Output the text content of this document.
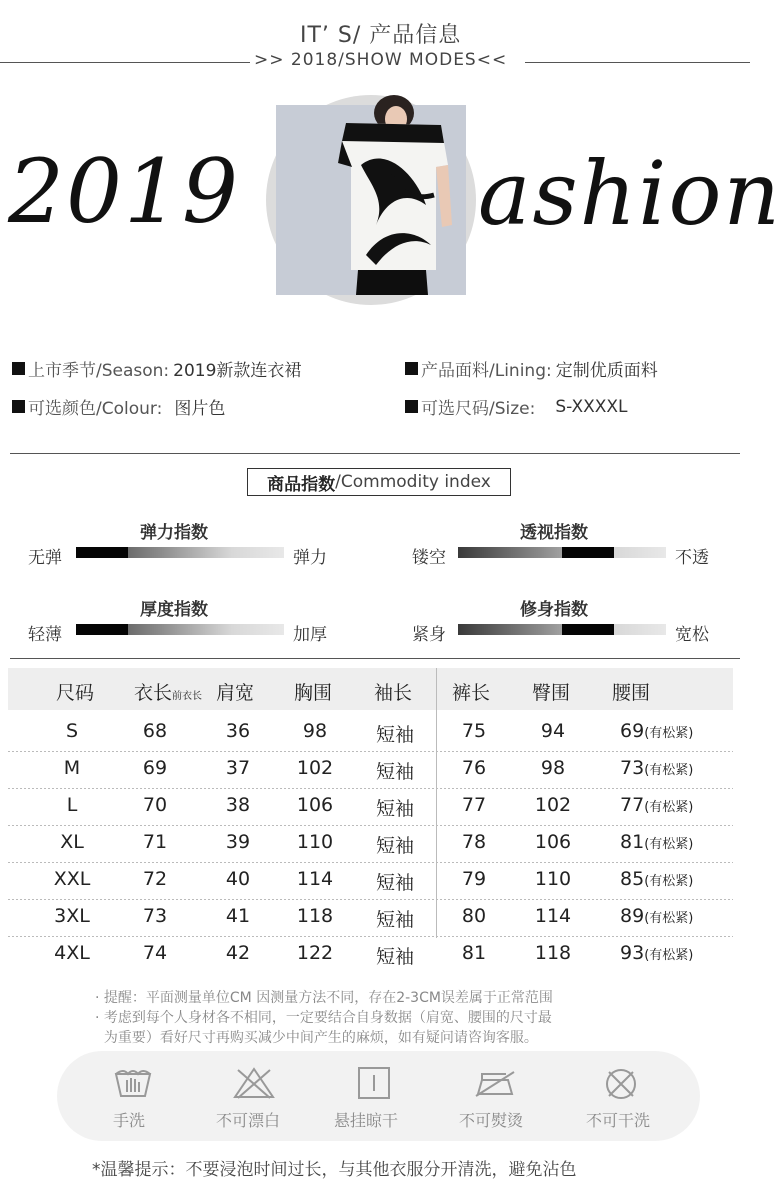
IT’ S/ 产品信息
>> 2018/SHOW MODES<<
2019	ashion
上市季节/Season: 2019新款连衣裙	产品面料/Lining: 定制优质面料
可选颜色/Colour: 图片色	可选尺码/Size: S-XXXXL
商品指数 /Commodity index
弹力指数
无弹	弹力
透视指数
镂空	不透
厚度指数
轻薄	加厚
修身指数
紧身	宽松
尺码 衣长前衣长 肩宽 胸围 袖长 裤长 臀围 腰围
S	68	36	98	短袖	75	94	69(有松紧)
M	69	37	102	短袖	76	98	73(有松紧)
L	70	38	106	短袖	77	102	77(有松紧)
XL	71	39	110	短袖	78	106	81(有松紧)
XXL	72	40	114	短袖	79	110	85(有松紧)
3XL	73	41	118	短袖	80	114	89(有松紧)
4XL	74	42	122	短袖	81	118	93(有松紧)
· 提醒：平面测量单位CM 因测量方法不同，存在2-3CM误差属于正常范围
· 考虑到每个人身材各不相同，一定要结合自身数据（肩宽、腰围的尺寸最
为重要）看好尺寸再购买减少中间产生的麻烦，如有疑问请咨询客服。
手洗	不可漂白	悬挂晾干	不可熨烫	不可干洗
*温馨提示：不要浸泡时间过长，与其他衣服分开清洗，避免沾色
